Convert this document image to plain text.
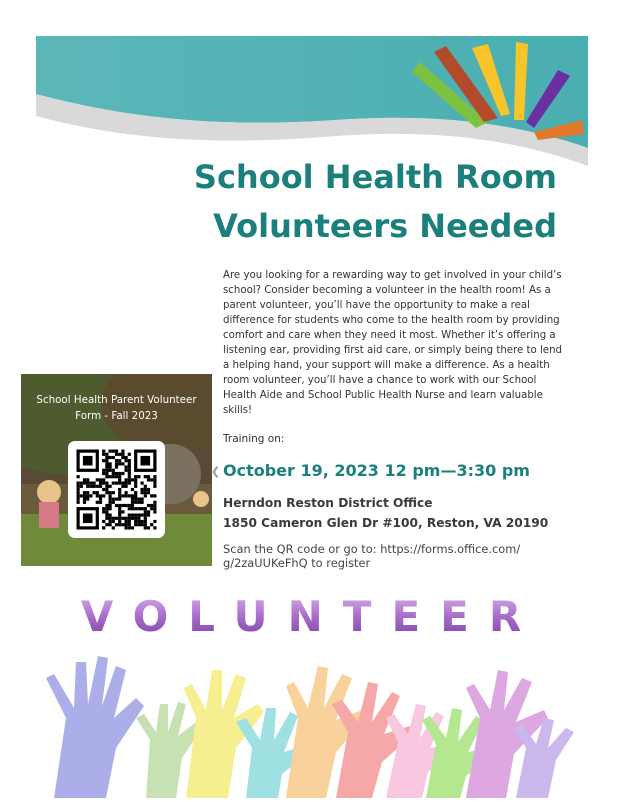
School Health Room
Volunteers Needed

Are you looking for a rewarding way to get involved in your child’s school? Consider becoming a volunteer in the health room! As a parent volunteer, you’ll have the opportunity to make a real difference for students who come to the health room by providing comfort and care when they need it most. Whether it’s offering a listening ear, providing first aid care, or simply being there to lend a helping hand, your support will make a difference. As a health room volunteer, you’ll have a chance to work with our School Health Aide and School Public Health Nurse and learn valuable skills!

School Health Parent Volunteer

Form - Fall 2023

Training on:

❮ October 19, 2023 12 pm—3:30 pm

Herndon Reston District Office

1850 Cameron Glen Dr #100, Reston, VA 20190

Scan the QR code or go to: https://forms.office.com/ g/2zaUUKeFhQ to register

VOLUNTEER
